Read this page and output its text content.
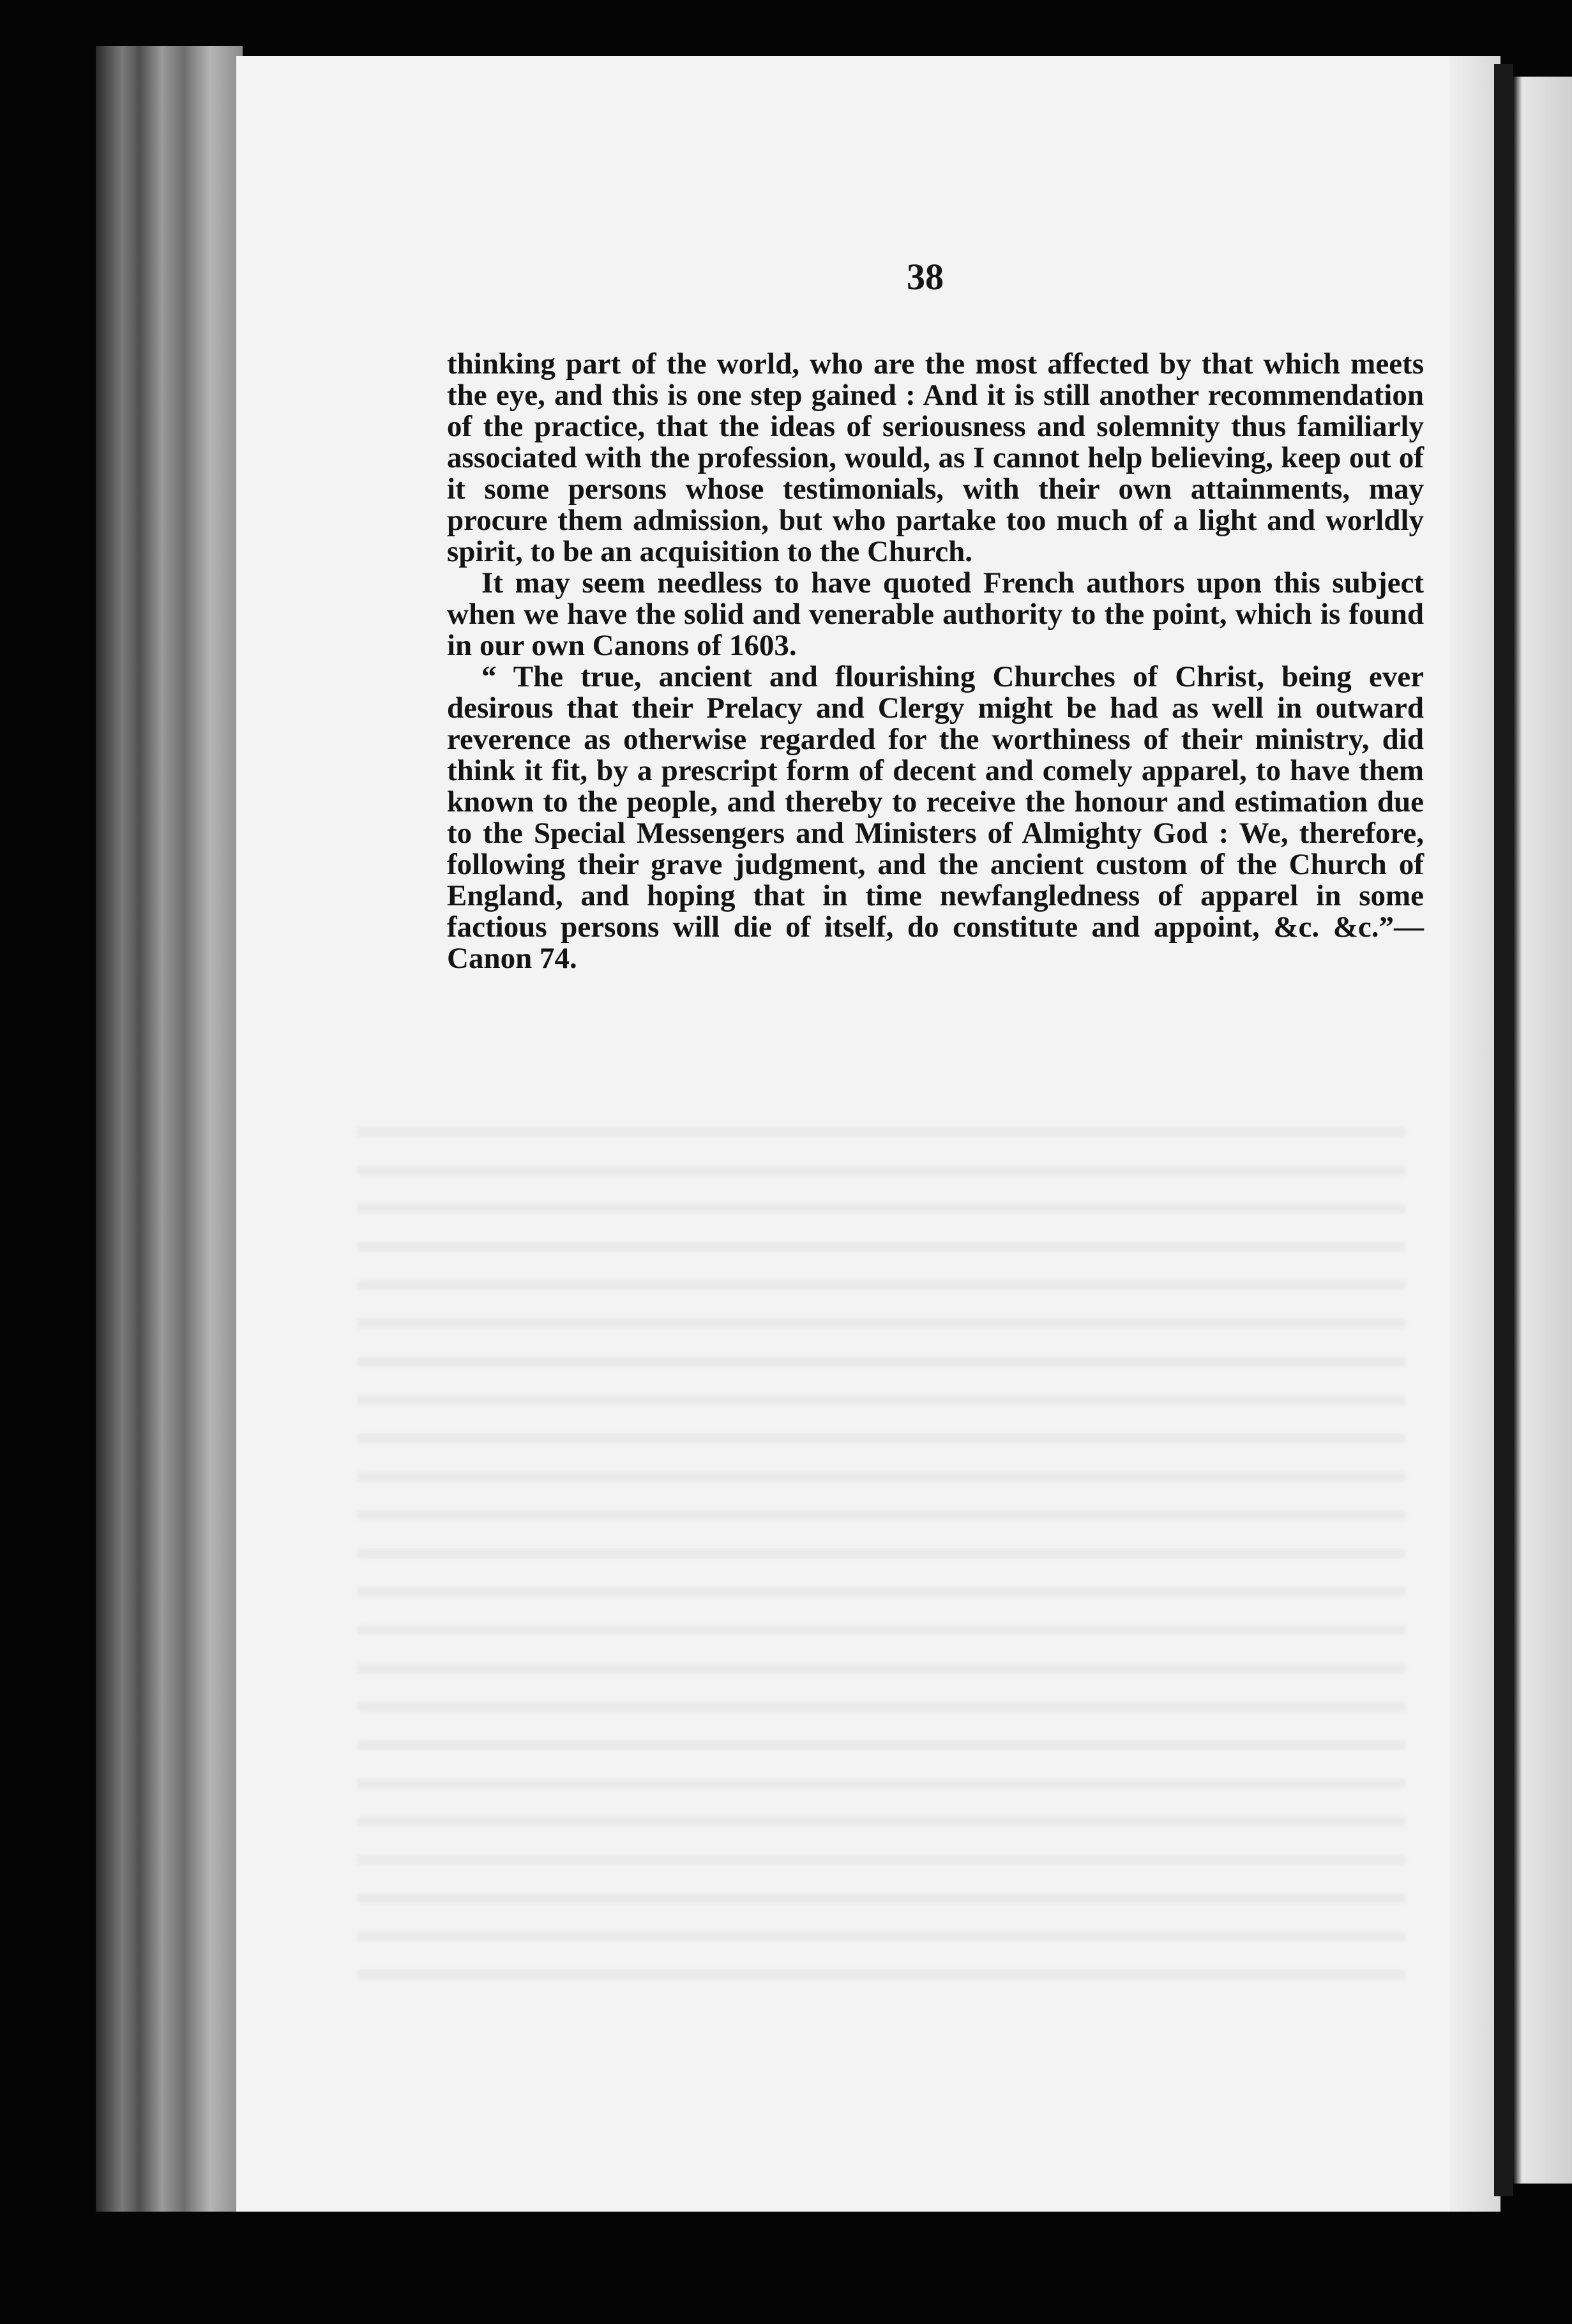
38

thinking part of the world, who are the most affected by that which meets the eye, and this is one step gained : And it is still another recommendation of the practice, that the ideas of seriousness and solemnity thus familiarly associated with the profession, would, as I cannot help believing, keep out of it some persons whose testimonials, with their own attainments, may procure them admission, but who partake too much of a light and worldly spirit, to be an acquisition to the Church.

It may seem needless to have quoted French authors upon this subject when we have the solid and venerable authority to the point, which is found in our own Canons of 1603.

“ The true, ancient and flourishing Churches of Christ, being ever desirous that their Prelacy and Clergy might be had as well in outward reverence as otherwise regarded for the worthiness of their ministry, did think it fit, by a prescript form of decent and comely apparel, to have them known to the people, and thereby to receive the honour and estimation due to the Special Messengers and Ministers of Almighty God : We, therefore, following their grave judgment, and the ancient custom of the Church of England, and hoping that in time newfangledness of apparel in some factious persons will die of itself, do constitute and appoint, &c. &c.”—Canon 74.
